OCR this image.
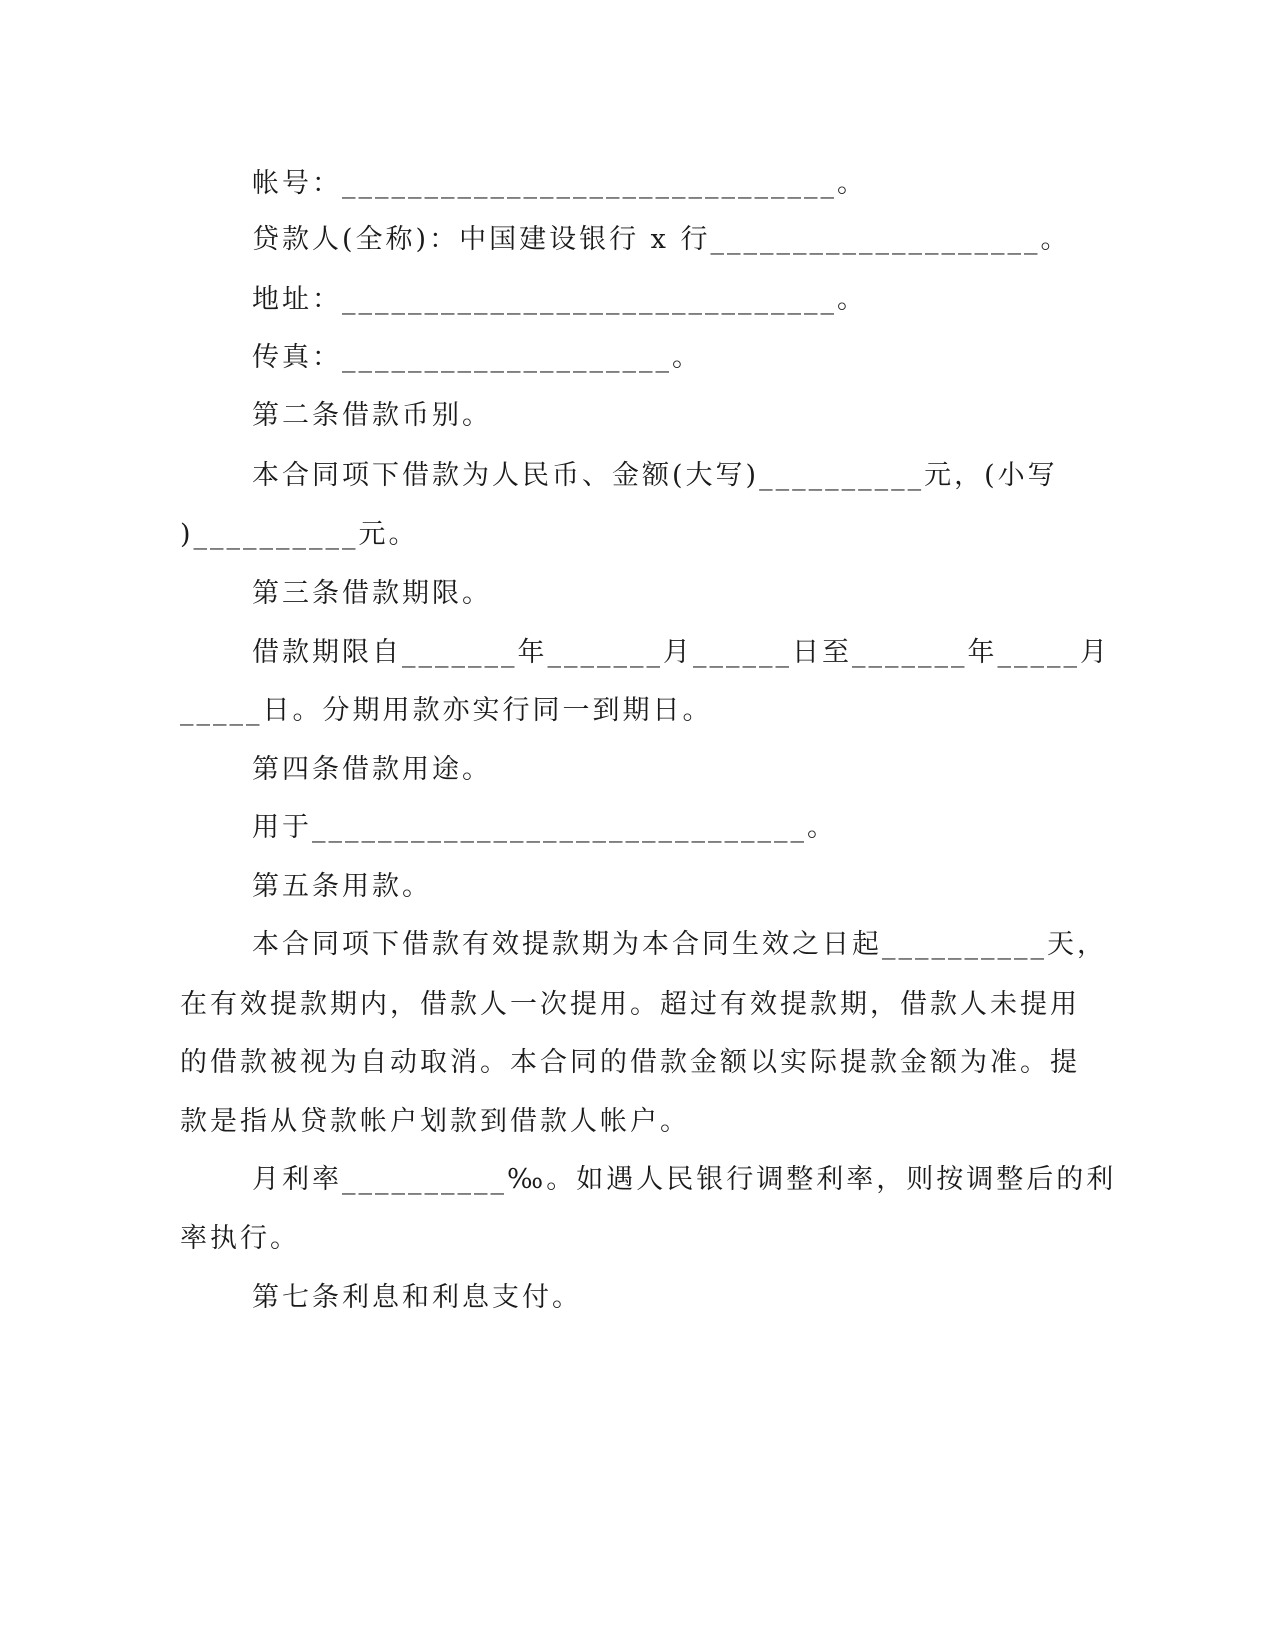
帐号：______________________________。
贷款人(全称)：中国建设银行 x 行____________________。
地址：______________________________。
传真：____________________。
第二条借款币别。
本合同项下借款为人民币、金额(大写)__________元，(小写
)__________元。
第三条借款期限。
借款期限自_______年_______月______日至_______年_____月
_____日。分期用款亦实行同一到期日。
第四条借款用途。
用于______________________________。
第五条用款。
本合同项下借款有效提款期为本合同生效之日起__________天，
在有效提款期内，借款人一次提用。超过有效提款期，借款人未提用
的借款被视为自动取消。本合同的借款金额以实际提款金额为准。提
款是指从贷款帐户划款到借款人帐户。
月利率__________‰。如遇人民银行调整利率，则按调整后的利
率执行。
第七条利息和利息支付。
